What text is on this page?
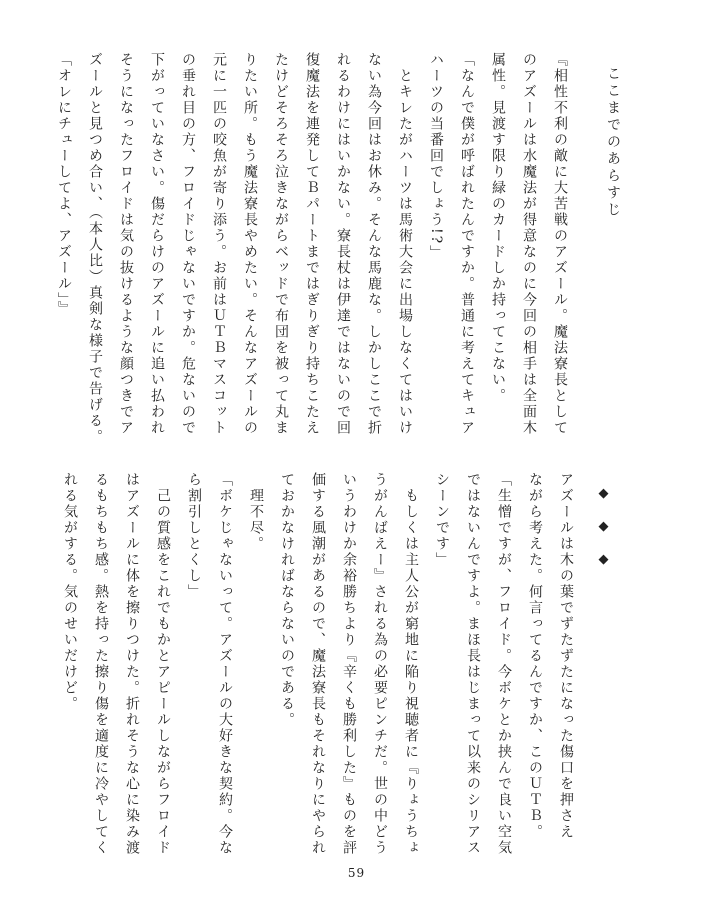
ここまでのあらすじ
『相性不利の敵に大苦戦のアズール。魔法寮長として
のアズールは水魔法が得意なのに今回の相手は全面木
属性。見渡す限り緑のカードしか持ってこない。
「なんで僕が呼ばれたんですか。普通に考えてキュア
ハーツの当番回でしょう!?」
　とキレたがハーツは馬術大会に出場しなくてはいけ
ない為今回はお休み。そんな馬鹿な。しかしここで折
れるわけにはいかない。寮長杖は伊達ではないので回
復魔法を連発してＢパートまではぎりぎり持ちこたえ
たけどそろそろ泣きながらベッドで布団を被って丸ま
りたい所。もう魔法寮長やめたい。そんなアズールの
元に一匹の咬魚が寄り添う。お前はＵＴＢマスコット
の垂れ目の方、フロイドじゃないですか。危ないので
下がっていなさい。傷だらけのアズールに追い払われ
そうになったフロイドは気の抜けるような顔つきでア
ズールと見つめ合い、（本人比）真剣な様子で告げる。
「オレにチューしてよ、アズール」』
◆◆◆
アズールは木の葉でずたずたになった傷口を押さえ
ながら考えた。何言ってるんですか、このＵＴＢ。
「生憎ですが、フロイド。今ボケとか挟んで良い空気
ではないんですよ。まほ長はじまって以来のシリアス
シーンです」
　もしくは主人公が窮地に陥り視聴者に『りょうちょ
うがんばえー』される為の必要ピンチだ。世の中どう
いうわけか余裕勝ちより『辛くも勝利した』ものを評
価する風潮があるので、魔法寮長もそれなりにやられ
ておかなければならないのである。
　理不尽。
「ボケじゃないって。アズールの大好きな契約。今な
ら割引しとくし」
　己の質感をこれでもかとアピールしながらフロイド
はアズールに体を擦りつけた。折れそうな心に染み渡
るもちもち感。熱を持った擦り傷を適度に冷やしてく
れる気がする。気のせいだけど。
59
